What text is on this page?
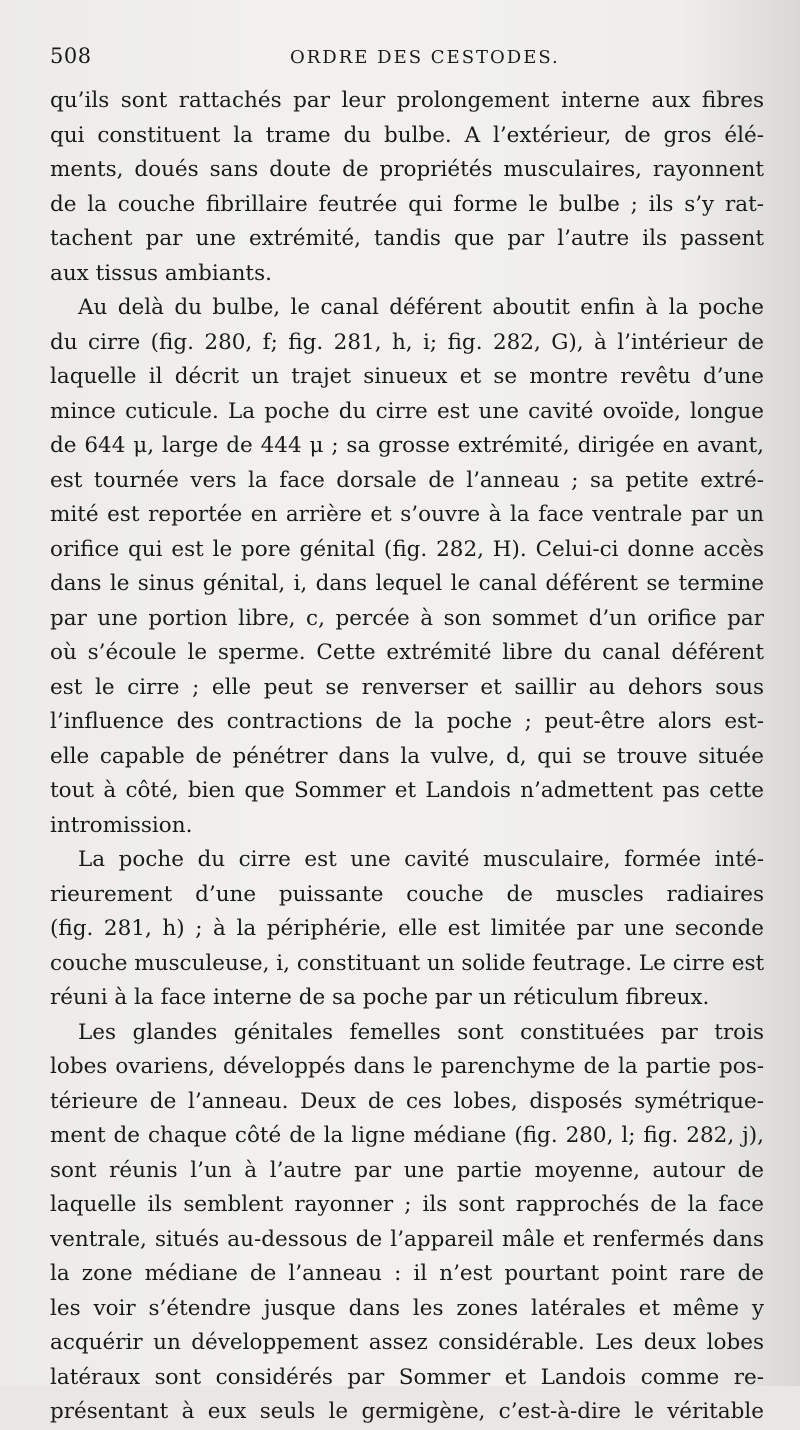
508	ORDRE DES CESTODES.
qu’ils sont rattachés par leur prolongement interne aux fibres
qui constituent la trame du bulbe. A l’extérieur, de gros élé-
ments, doués sans doute de propriétés musculaires, rayonnent
de la couche fibrillaire feutrée qui forme le bulbe ; ils s’y rat-
tachent par une extrémité, tandis que par l’autre ils passent
aux tissus ambiants.
Au delà du bulbe, le canal déférent aboutit enfin à la poche
du cirre (fig. 280, f; fig. 281, h, i; fig. 282, G), à l’intérieur de
laquelle il décrit un trajet sinueux et se montre revêtu d’une
mince cuticule. La poche du cirre est une cavité ovoïde, longue
de 644 μ, large de 444 μ ; sa grosse extrémité, dirigée en avant,
est tournée vers la face dorsale de l’anneau ; sa petite extré-
mité est reportée en arrière et s’ouvre à la face ventrale par un
orifice qui est le pore génital (fig. 282, H). Celui-ci donne accès
dans le sinus génital, i, dans lequel le canal déférent se termine
par une portion libre, c, percée à son sommet d’un orifice par
où s’écoule le sperme. Cette extrémité libre du canal déférent
est le cirre ; elle peut se renverser et saillir au dehors sous
l’influence des contractions de la poche ; peut-être alors est-
elle capable de pénétrer dans la vulve, d, qui se trouve située
tout à côté, bien que Sommer et Landois n’admettent pas cette
intromission.
La poche du cirre est une cavité musculaire, formée inté-
rieurement d’une puissante couche de muscles radiaires
(fig. 281, h) ; à la périphérie, elle est limitée par une seconde
couche musculeuse, i, constituant un solide feutrage. Le cirre est
réuni à la face interne de sa poche par un réticulum fibreux.
Les glandes génitales femelles sont constituées par trois
lobes ovariens, développés dans le parenchyme de la partie pos-
térieure de l’anneau. Deux de ces lobes, disposés symétrique-
ment de chaque côté de la ligne médiane (fig. 280, l; fig. 282, j),
sont réunis l’un à l’autre par une partie moyenne, autour de
laquelle ils semblent rayonner ; ils sont rapprochés de la face
ventrale, situés au-dessous de l’appareil mâle et renfermés dans
la zone médiane de l’anneau : il n’est pourtant point rare de
les voir s’étendre jusque dans les zones latérales et même y
acquérir un développement assez considérable. Les deux lobes
latéraux sont considérés par Sommer et Landois comme re-
présentant à eux seuls le germigène, c’est-à-dire le véritable
